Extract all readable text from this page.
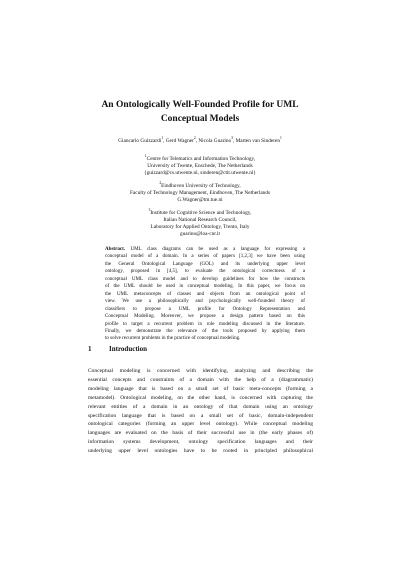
An Ontologically Well-Founded Profile for UML
Conceptual Models
Giancarlo Guizzardi$^1$, Gerd Wagner$^2$, Nicola Guarino$^3$, Marten van Sinderen$^1$
$^1$Centre for Telematics and Information Technology,
University of Twente, Enschede, The Netherlands
{guizzard@cs.utwente.nl, sinderen@ctit.utwente.nl}
$^2$Eindhoven University of Technology,
Faculty of Technology Management, Eindhoven, The Netherlands
G.Wagner@tm.tue.nl
$^3$Institute for Cognitive Science and Technology,
Italian National Research Council,
Laboratory for Applied Ontology, Trento, Italy
guarino@loa-cnr.it
Abstract. UML class diagrams can be used as a language for expressing a
conceptual model of a domain. In a series of papers [1,2,3] we have been using
the General Ontological Language (GOL) and its underlying upper level
ontology, proposed in [4,5], to evaluate the ontological correctness of a
conceptual UML class model and to develop guidelines for how the constructs
of the UML should be used in conceptual modeling. In this paper, we focus on
the UML metaconcepts of classes and objects from an ontological point of
view. We use a philosophically and psychologically well-founded theory of
classifiers to propose a UML profile for Ontology Representation and
Conceptual Modeling. Moreover, we propose a design pattern based on this
profile to target a recurrent problem in role modeling discussed in the literature.
Finally, we demonstrate the relevance of the tools proposed by applying them
to solve recurrent problems in the practice of conceptual modeling.
1	Introduction
Conceptual modeling is concerned with identifying, analyzing and describing the
essential concepts and constraints of a domain with the help of a (diagrammatic)
modeling language that is based on a small set of basic meta-concepts (forming a
metamodel). Ontological modeling, on the other hand, is concerned with capturing the
relevant entities of a domain in an ontology of that domain using an ontology
specification language that is based on a small set of basic, domain-independent
ontological categories (forming an upper level ontology). While conceptual modeling
languages are evaluated on the basis of their successful use in (the early phases of)
information systems development, ontology specification languages and their
underlying upper level ontologies have to be rooted in principled philosophical
